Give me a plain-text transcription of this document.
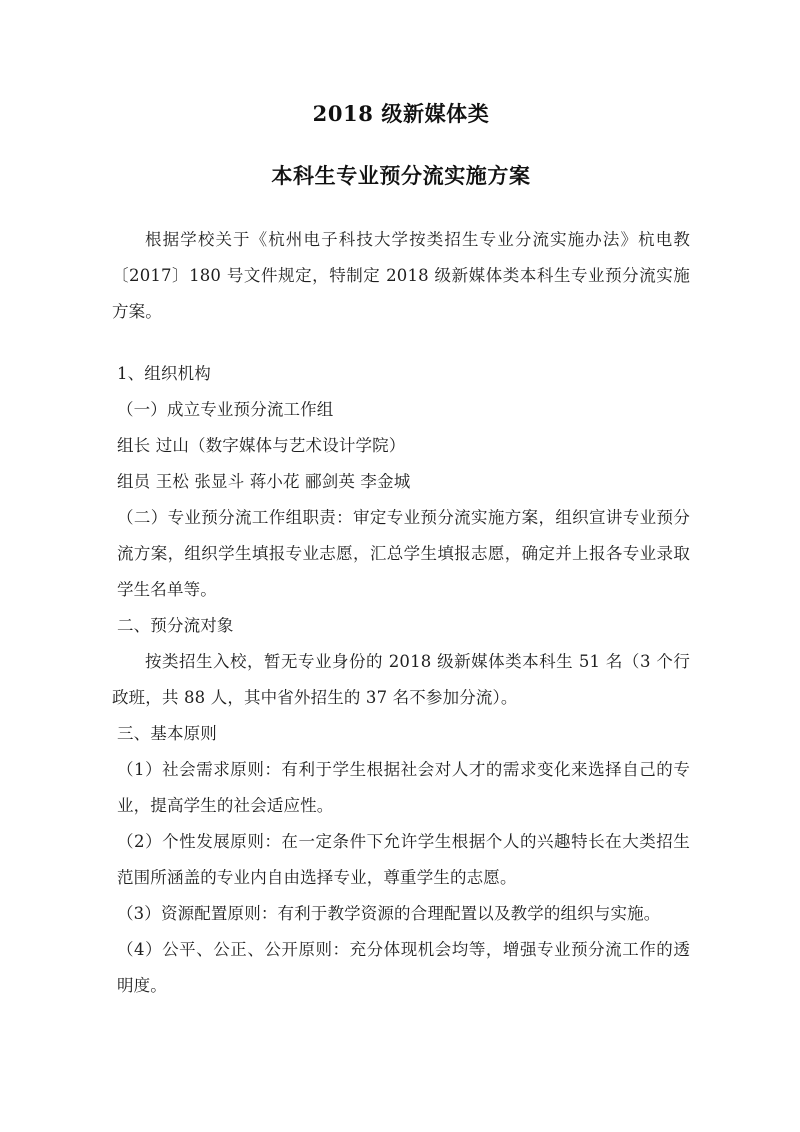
2018 级新媒体类
本科生专业预分流实施方案

根据学校关于《杭州电子科技大学按类招生专业分流实施办法》杭电教〔2017〕180 号文件规定，特制定 2018 级新媒体类本科生专业预分流实施方案。

1、组织机构

（一）成立专业预分流工作组

组长 过山（数字媒体与艺术设计学院）

组员 王松 张显斗 蒋小花 郦剑英 李金城

（二）专业预分流工作组职责：审定专业预分流实施方案，组织宣讲专业预分流方案，组织学生填报专业志愿，汇总学生填报志愿，确定并上报各专业录取学生名单等。

二、预分流对象

按类招生入校，暂无专业身份的 2018 级新媒体类本科生 51 名（3 个行政班，共 88 人，其中省外招生的 37 名不参加分流）。

三、基本原则

（1）社会需求原则：有利于学生根据社会对人才的需求变化来选择自己的专业，提高学生的社会适应性。

（2）个性发展原则：在一定条件下允许学生根据个人的兴趣特长在大类招生范围所涵盖的专业内自由选择专业，尊重学生的志愿。

（3）资源配置原则：有利于教学资源的合理配置以及教学的组织与实施。

（4）公平、公正、公开原则：充分体现机会均等，增强专业预分流工作的透明度。
